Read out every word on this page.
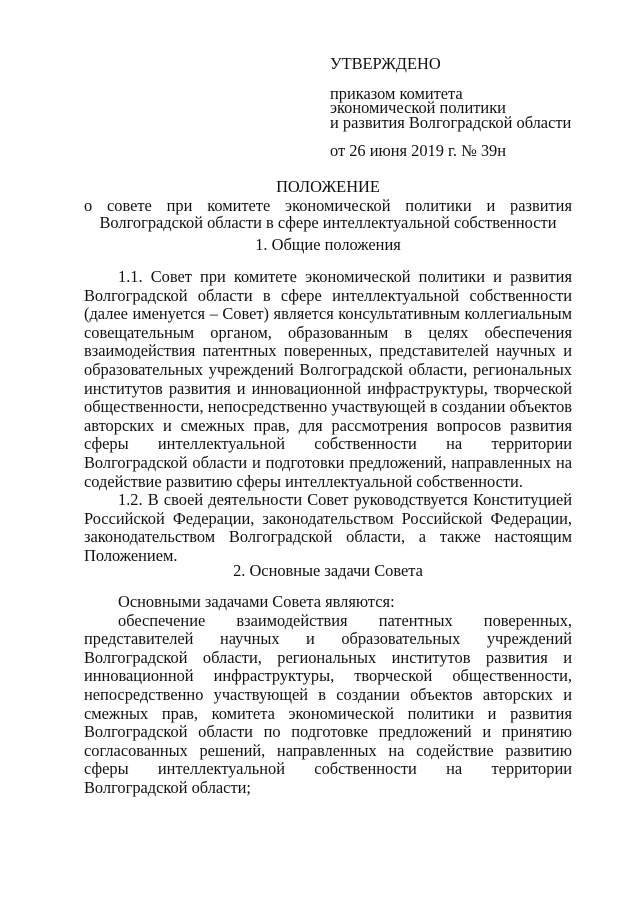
УТВЕРЖДЕНО
приказом комитета
экономической политики
и развития Волгоградской области
от 26 июня 2019 г. № 39н
ПОЛОЖЕНИЕ
о совете при комитете экономической политики и развития
Волгоградской области в сфере интеллектуальной собственности
1. Общие положения

1.1. Совет при комитете экономической политики и развития Волгоградской области в сфере интеллектуальной собственности (далее именуется – Совет) является консультативным коллегиальным совещательным органом, образованным в целях обеспечения взаимодействия патентных поверенных, представителей научных и образовательных учреждений Волгоградской области, региональных институтов развития и инновационной инфраструктуры, творческой общественности, непосредственно участвующей в создании объектов авторских и смежных прав, для рассмотрения вопросов развития сферы интеллектуальной собственности на территории Волгоградской области и подготовки предложений, направленных на содействие развитию сферы интеллектуальной собственности.

1.2. В своей деятельности Совет руководствуется Конституцией Российской Федерации, законодательством Российской Федерации, законодательством Волгоградской области, а также настоящим Положением.

2. Основные задачи Совета

Основными задачами Совета являются:

обеспечение взаимодействия патентных поверенных, представителей научных и образовательных учреждений Волгоградской области, региональных институтов развития и инновационной инфраструктуры, творческой общественности, непосредственно участвующей в создании объектов авторских и смежных прав, комитета экономической политики и развития Волгоградской области по подготовке предложений и принятию согласованных решений, направленных на содействие развитию сферы интеллектуальной собственности на территории Волгоградской области;
